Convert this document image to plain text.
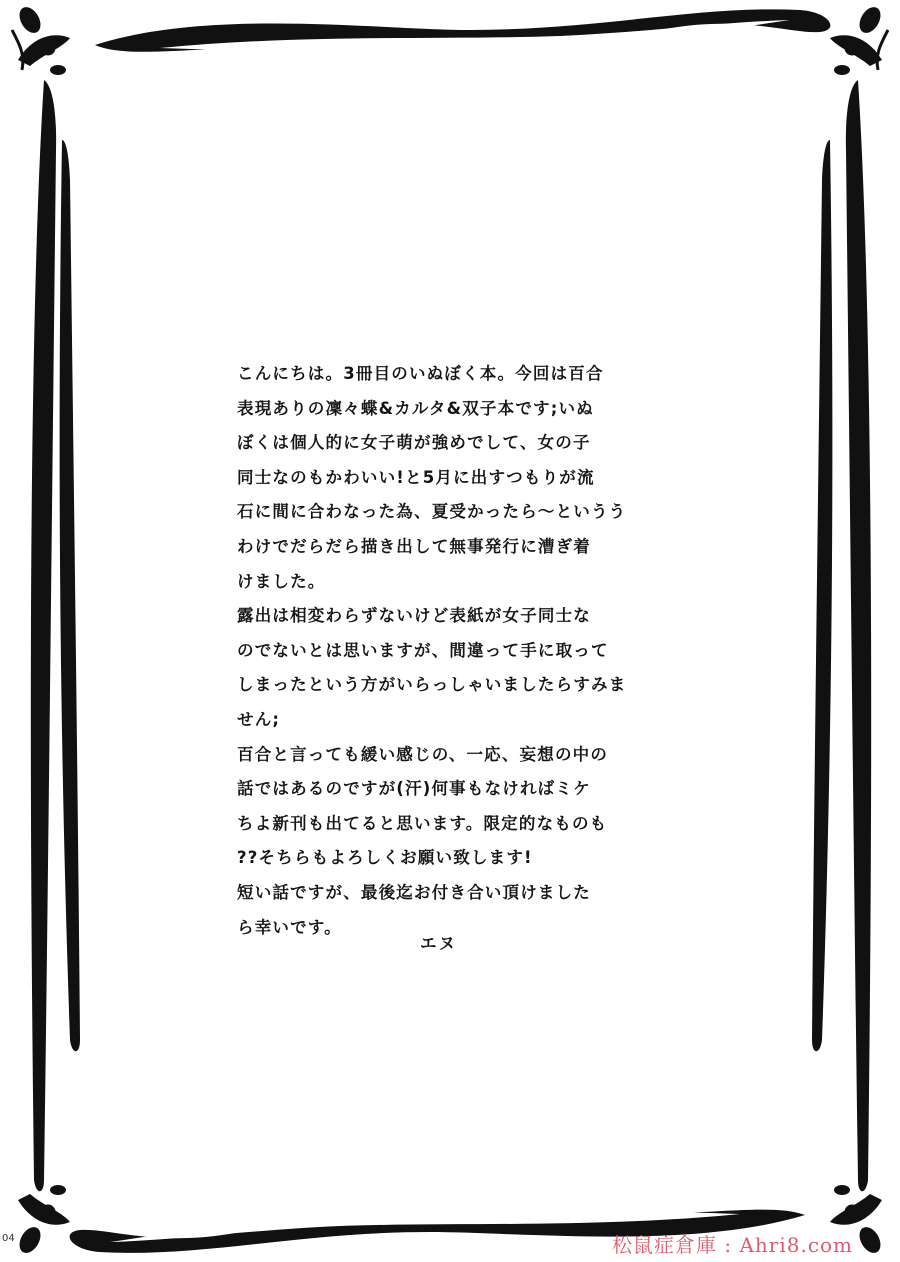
こんにちは。3冊目のいぬぼく本。今回は百合
表現ありの凜々蝶&カルタ&双子本です;いぬ
ぼくは個人的に女子萌が強めでして、女の子
同士なのもかわいい!と5月に出すつもりが流
石に間に合わなった為、夏受かったら〜というう
わけでだらだら描き出して無事発行に漕ぎ着
けました。
露出は相変わらずないけど表紙が女子同士な
のでないとは思いますが、間違って手に取って
しまったという方がいらっしゃいましたらすみま
せん;
百合と言っても緩い感じの、一応、妄想の中の
話ではあるのですが(汗)何事もなければミケ
ちよ新刊も出てると思います。限定的なものも
??そちらもよろしくお願い致します!
短い話ですが、最後迄お付き合い頂けました
ら幸いです。
エヌ
04	松鼠症倉庫 : Ahri8.com
